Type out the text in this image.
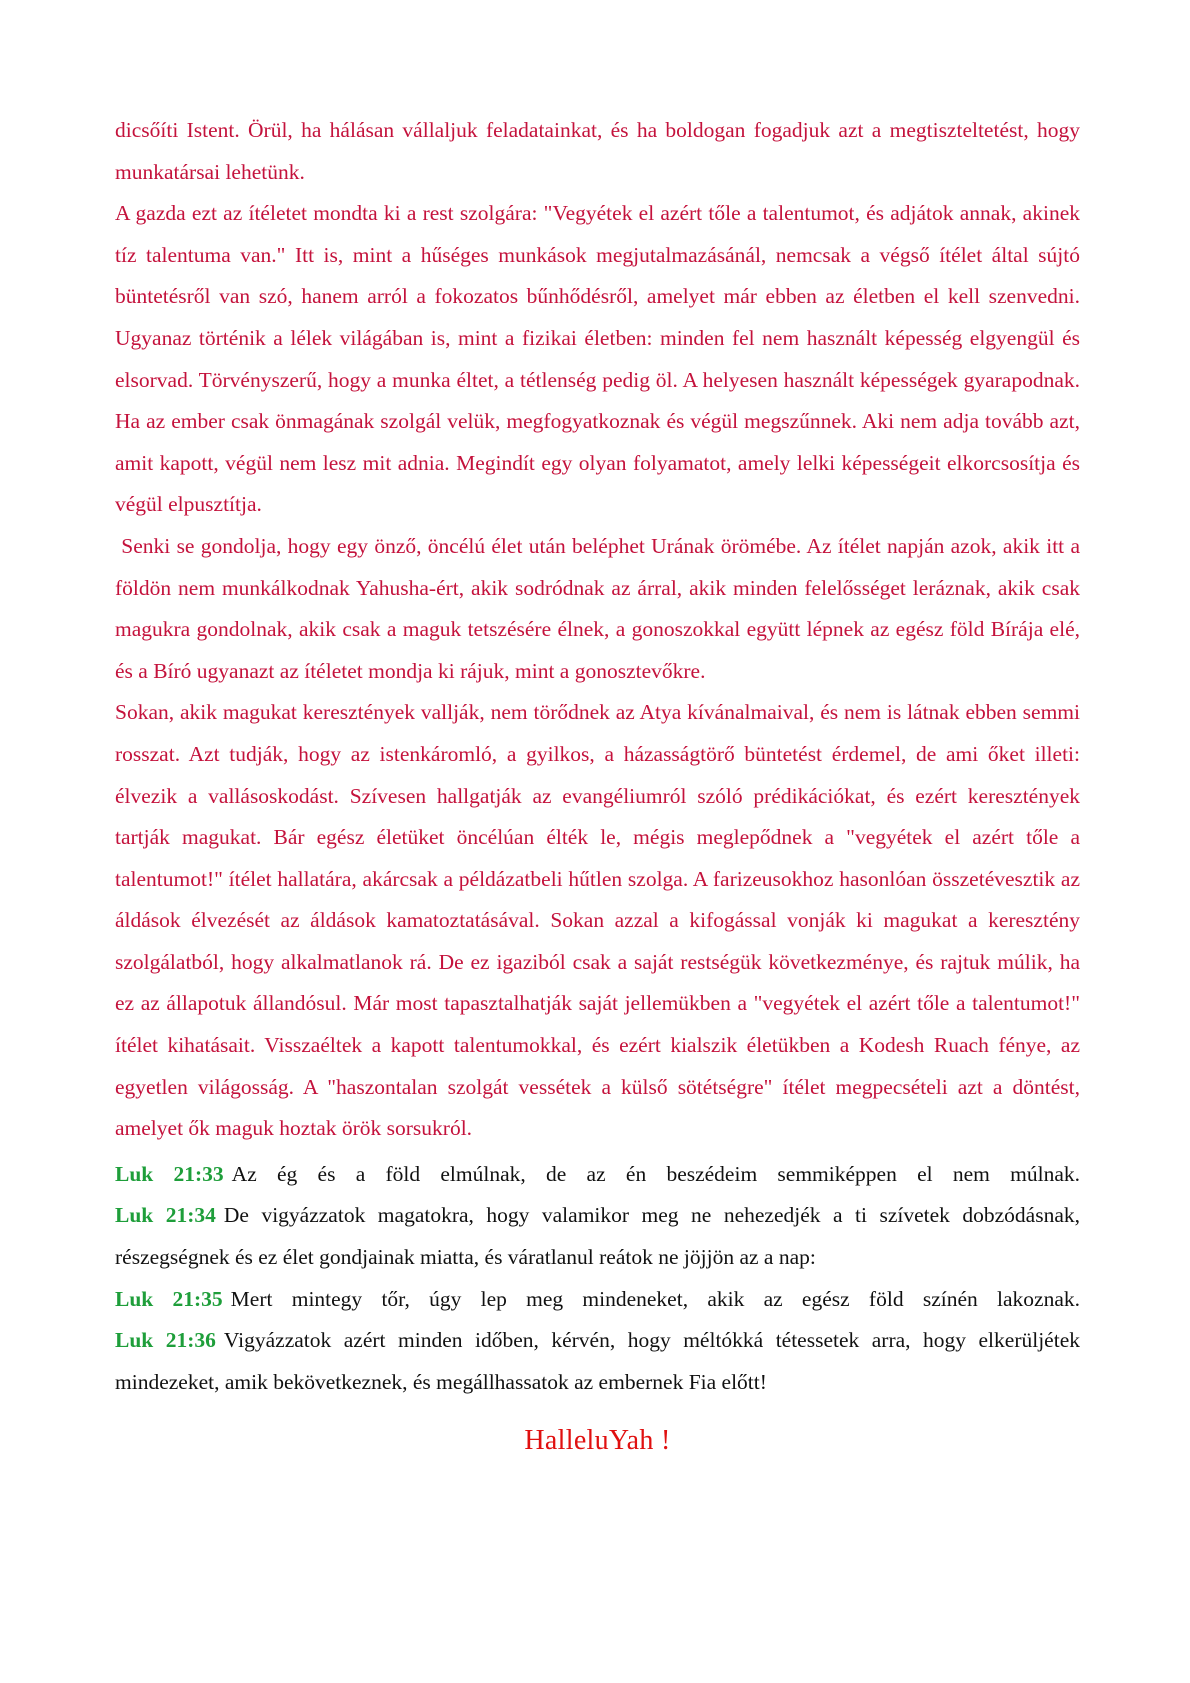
dicsőíti Istent. Örül, ha hálásan vállaljuk feladatainkat, és ha boldogan fogadjuk azt a megtiszteltetést, hogy munkatársai lehetünk.

A gazda ezt az ítéletet mondta ki a rest szolgára: "Vegyétek el azért tőle a talentumot, és adjátok annak, akinek tíz talentuma van." Itt is, mint a hűséges munkások megjutalmazásánál, nemcsak a végső ítélet által sújtó büntetésről van szó, hanem arról a fokozatos bűnhődésről, amelyet már ebben az életben el kell szenvedni. Ugyanaz történik a lélek világában is, mint a fizikai életben: minden fel nem használt képesség elgyengül és elsorvad. Törvényszerű, hogy a munka éltet, a tétlenség pedig öl. A helyesen használt képességek gyarapodnak. Ha az ember csak önmagának szolgál velük, megfogyatkoznak és végül megszűnnek. Aki nem adja tovább azt, amit kapott, végül nem lesz mit adnia. Megindít egy olyan folyamatot, amely lelki képességeit elkorcsosítja és végül elpusztítja.

Senki se gondolja, hogy egy önző, öncélú élet után beléphet Urának örömébe. Az ítélet napján azok, akik itt a földön nem munkálkodnak Yahusha-ért, akik sodródnak az árral, akik minden felelősséget leráznak, akik csak magukra gondolnak, akik csak a maguk tetszésére élnek, a gonoszokkal együtt lépnek az egész föld Bírája elé, és a Bíró ugyanazt az ítéletet mondja ki rájuk, mint a gonosztevőkre.

Sokan, akik magukat keresztények vallják, nem törődnek az Atya kívánalmaival, és nem is látnak ebben semmi rosszat. Azt tudják, hogy az istenkáromló, a gyilkos, a házasságtörő büntetést érdemel, de ami őket illeti: élvezik a vallásoskodást. Szívesen hallgatják az evangéliumról szóló prédikációkat, és ezért keresztények tartják magukat. Bár egész életüket öncélúan élték le, mégis meglepődnek a "vegyétek el azért tőle a talentumot!" ítélet hallatára, akárcsak a példázatbeli hűtlen szolga. A farizeusokhoz hasonlóan összetévesztik az áldások élvezését az áldások kamatoztatásával. Sokan azzal a kifogással vonják ki magukat a keresztény szolgálatból, hogy alkalmatlanok rá. De ez igaziból csak a saját restségük következménye, és rajtuk múlik, ha ez az állapotuk állandósul. Már most tapasztalhatják saját jellemükben a "vegyétek el azért tőle a talentumot!" ítélet kihatásait. Visszaéltek a kapott talentumokkal, és ezért kialszik életükben a Kodesh Ruach fénye, az egyetlen világosság. A "haszontalan szolgát vessétek a külső sötétségre" ítélet megpecsételi azt a döntést, amelyet ők maguk hoztak örök sorsukról.

Luk 21:33 Az ég és a föld elmúlnak, de az én beszédeim semmiképpen el nem múlnak.

Luk 21:34 De vigyázzatok magatokra, hogy valamikor meg ne nehezedjék a ti szívetek dobzódásnak, részegségnek és ez élet gondjainak miatta, és váratlanul reátok ne jöjjön az a nap:

Luk 21:35 Mert mintegy tőr, úgy lep meg mindeneket, akik az egész föld színén lakoznak.

Luk 21:36 Vigyázzatok azért minden időben, kérvén, hogy méltókká tétessetek arra, hogy elkerüljétek mindezeket, amik bekövetkeznek, és megállhassatok az embernek Fia előtt!

HalleluYah !
